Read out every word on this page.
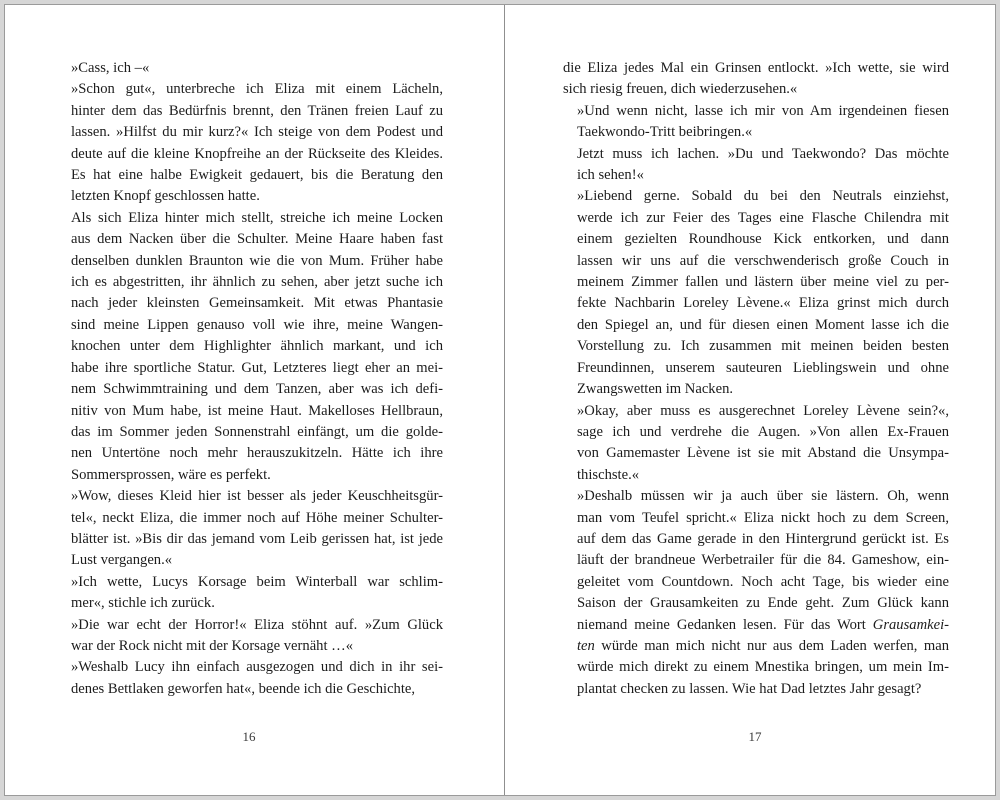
»Cass, ich –«

»Schon gut«, unterbreche ich Eliza mit einem Lächeln,
hinter dem das Bedürfnis brennt, den Tränen freien Lauf zu
lassen. »Hilfst du mir kurz?« Ich steige von dem Podest und
deute auf die kleine Knopfreihe an der Rückseite des Kleides.
Es hat eine halbe Ewigkeit gedauert, bis die Beratung den
letzten Knopf geschlossen hatte.

Als sich Eliza hinter mich stellt, streiche ich meine Locken
aus dem Nacken über die Schulter. Meine Haare haben fast
denselben dunklen Braunton wie die von Mum. Früher habe
ich es abgestritten, ihr ähnlich zu sehen, aber jetzt suche ich
nach jeder kleinsten Gemeinsamkeit. Mit etwas Phantasie
sind meine Lippen genauso voll wie ihre, meine Wangen-
knochen unter dem Highlighter ähnlich markant, und ich
habe ihre sportliche Statur. Gut, Letzteres liegt eher an mei-
nem Schwimmtraining und dem Tanzen, aber was ich defi-
nitiv von Mum habe, ist meine Haut. Makelloses Hellbraun,
das im Sommer jeden Sonnenstrahl einfängt, um die golde-
nen Untertöne noch mehr herauszukitzeln. Hätte ich ihre
Sommersprossen, wäre es perfekt.

»Wow, dieses Kleid hier ist besser als jeder Keuschheitsgür-
tel«, neckt Eliza, die immer noch auf Höhe meiner Schulter-
blätter ist. »Bis dir das jemand vom Leib gerissen hat, ist jede
Lust vergangen.«

»Ich wette, Lucys Korsage beim Winterball war schlim-
mer«, stichle ich zurück.

»Die war echt der Horror!« Eliza stöhnt auf. »Zum Glück
war der Rock nicht mit der Korsage vernäht …«

»Weshalb Lucy ihn einfach ausgezogen und dich in ihr sei-
denes Bettlaken geworfen hat«, beende ich die Geschichte,

die Eliza jedes Mal ein Grinsen entlockt. »Ich wette, sie wird
sich riesig freuen, dich wiederzusehen.«

»Und wenn nicht, lasse ich mir von Am irgendeinen fiesen
Taekwondo-Tritt beibringen.«

Jetzt muss ich lachen. »Du und Taekwondo? Das möchte
ich sehen!«

»Liebend gerne. Sobald du bei den Neutrals einziehst,
werde ich zur Feier des Tages eine Flasche Chilendra mit
einem gezielten Roundhouse Kick entkorken, und dann
lassen wir uns auf die verschwenderisch große Couch in
meinem Zimmer fallen und lästern über meine viel zu per-
fekte Nachbarin Loreley Lèvene.« Eliza grinst mich durch
den Spiegel an, und für diesen einen Moment lasse ich die
Vorstellung zu. Ich zusammen mit meinen beiden besten
Freundinnen, unserem sauteuren Lieblingswein und ohne
Zwangswetten im Nacken.

»Okay, aber muss es ausgerechnet Loreley Lèvene sein?«,
sage ich und verdrehe die Augen. »Von allen Ex-Frauen
von Gamemaster Lèvene ist sie mit Abstand die Unsympa-
thischste.«

»Deshalb müssen wir ja auch über sie lästern. Oh, wenn
man vom Teufel spricht.« Eliza nickt hoch zu dem Screen,
auf dem das Game gerade in den Hintergrund gerückt ist. Es
läuft der brandneue Werbetrailer für die 84. Gameshow, ein-
geleitet vom Countdown. Noch acht Tage, bis wieder eine
Saison der Grausamkeiten zu Ende geht. Zum Glück kann
niemand meine Gedanken lesen. Für das Wort Grausamkei-
ten würde man mich nicht nur aus dem Laden werfen, man
würde mich direkt zu einem Mnestika bringen, um mein Im-
plantat checken zu lassen. Wie hat Dad letztes Jahr gesagt?

16	17
